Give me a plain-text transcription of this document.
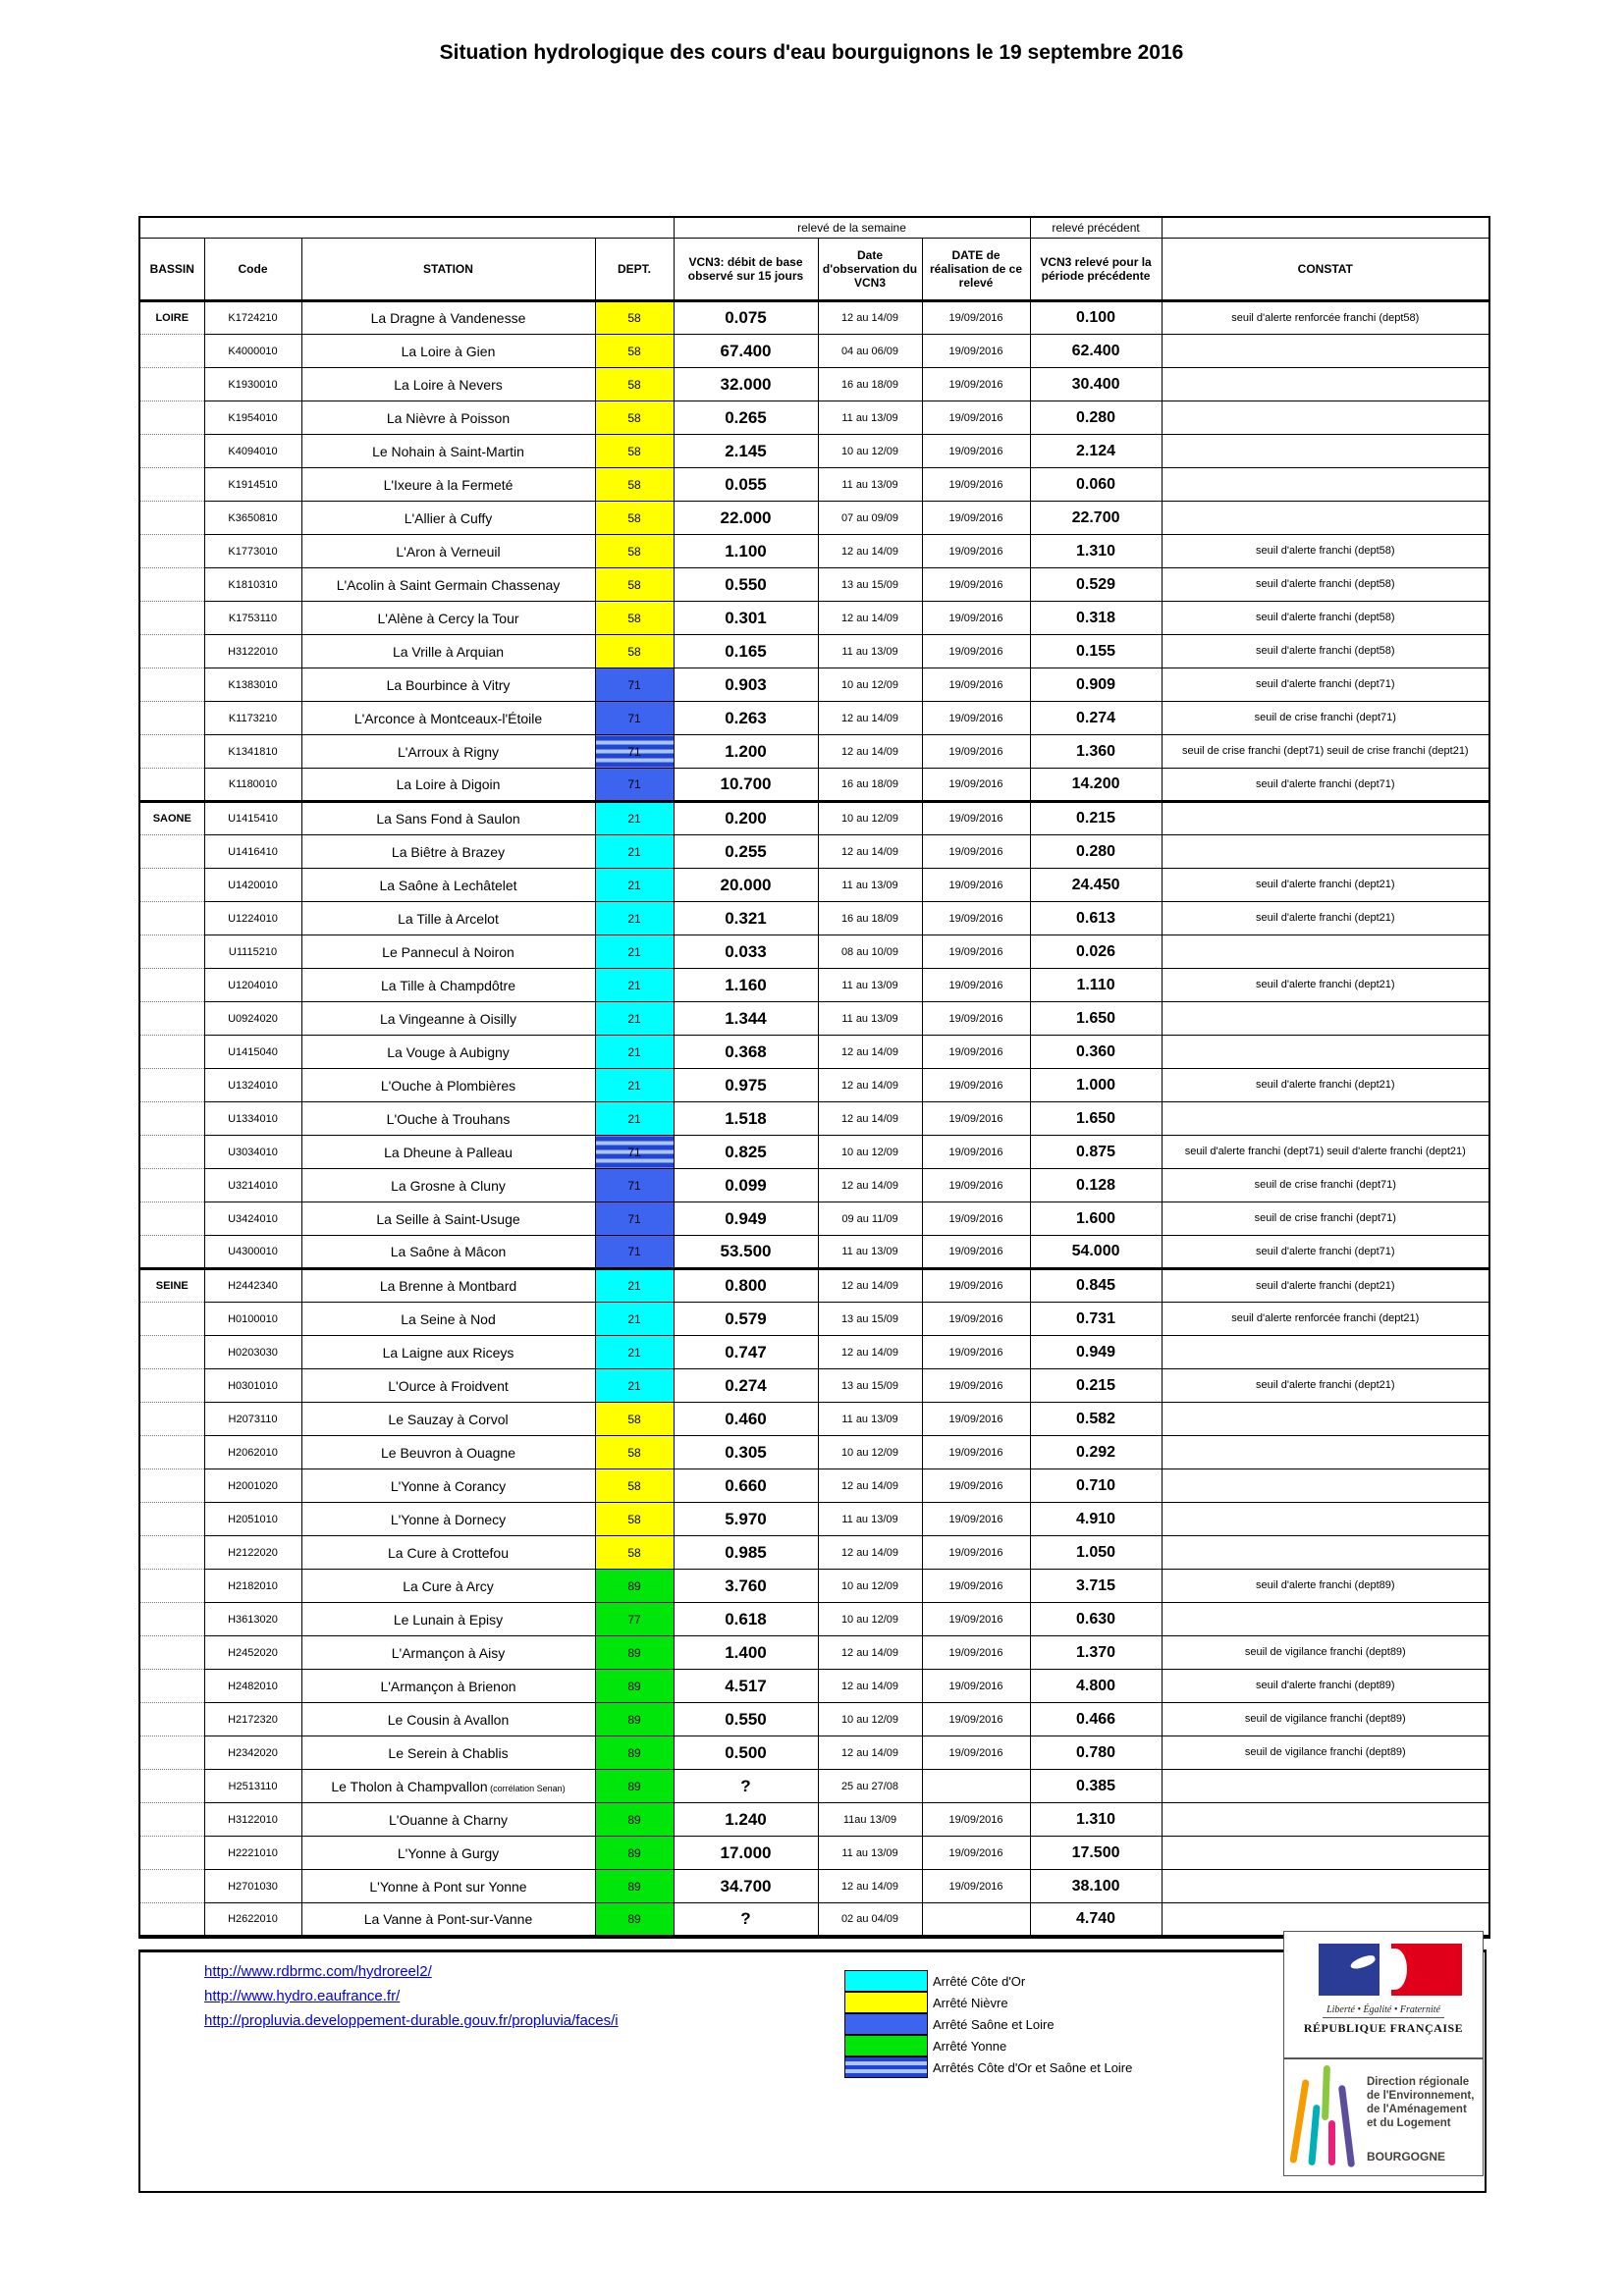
Situation hydrologique des cours d'eau bourguignons le 19 septembre 2016
				relevé de la semaine			relevé précédent	
BASSIN	Code	STATION	DEPT.	VCN3: débit de base observé sur 15 jours	Date d'observation du VCN3	DATE de réalisation de ce relevé	VCN3 relevé pour la période précédente	CONSTAT
LOIRE	K1724210	La Dragne à Vandenesse	58	0.075	12 au 14/09	19/09/2016	0.100	seuil d'alerte renforcée franchi (dept58)
	K4000010	La Loire à Gien	58	67.400	04 au 06/09	19/09/2016	62.400	
	K1930010	La Loire à Nevers	58	32.000	16 au 18/09	19/09/2016	30.400	
	K1954010	La Nièvre à Poisson	58	0.265	11 au 13/09	19/09/2016	0.280	
	K4094010	Le Nohain à Saint-Martin	58	2.145	10 au 12/09	19/09/2016	2.124	
	K1914510	L'Ixeure à la Fermeté	58	0.055	11 au 13/09	19/09/2016	0.060	
	K3650810	L'Allier à Cuffy	58	22.000	07 au 09/09	19/09/2016	22.700	
	K1773010	L'Aron à Verneuil	58	1.100	12 au 14/09	19/09/2016	1.310	seuil d'alerte franchi (dept58)
	K1810310	L'Acolin à Saint Germain Chassenay	58	0.550	13 au 15/09	19/09/2016	0.529	seuil d'alerte franchi (dept58)
	K1753110	L'Alène à Cercy la Tour	58	0.301	12 au 14/09	19/09/2016	0.318	seuil d'alerte franchi (dept58)
	H3122010	La Vrille à Arquian	58	0.165	11 au 13/09	19/09/2016	0.155	seuil d'alerte franchi (dept58)
	K1383010	La Bourbince à Vitry	71	0.903	10 au 12/09	19/09/2016	0.909	seuil d'alerte franchi (dept71)
	K1173210	L'Arconce à Montceaux-l'Étoile	71	0.263	12 au 14/09	19/09/2016	0.274	seuil de crise franchi (dept71)
	K1341810	L'Arroux à Rigny	71	1.200	12 au 14/09	19/09/2016	1.360	seuil de crise franchi (dept71) seuil de crise franchi (dept21)
	K1180010	La Loire à Digoin	71	10.700	16 au 18/09	19/09/2016	14.200	seuil d'alerte franchi (dept71)
SAONE	U1415410	La Sans Fond à Saulon	21	0.200	10 au 12/09	19/09/2016	0.215	
	U1416410	La Biêtre à Brazey	21	0.255	12 au 14/09	19/09/2016	0.280	
	U1420010	La Saône à Lechâtelet	21	20.000	11 au 13/09	19/09/2016	24.450	seuil d'alerte franchi (dept21)
	U1224010	La Tille à Arcelot	21	0.321	16 au 18/09	19/09/2016	0.613	seuil d'alerte franchi (dept21)
	U1115210	Le Pannecul à Noiron	21	0.033	08 au 10/09	19/09/2016	0.026	
	U1204010	La Tille à Champdôtre	21	1.160	11 au 13/09	19/09/2016	1.110	seuil d'alerte franchi (dept21)
	U0924020	La Vingeanne à Oisilly	21	1.344	11 au 13/09	19/09/2016	1.650	
	U1415040	La Vouge à Aubigny	21	0.368	12 au 14/09	19/09/2016	0.360	
	U1324010	L'Ouche à Plombières	21	0.975	12 au 14/09	19/09/2016	1.000	seuil d'alerte franchi (dept21)
	U1334010	L'Ouche à Trouhans	21	1.518	12 au 14/09	19/09/2016	1.650	
	U3034010	La Dheune à Palleau	71	0.825	10 au 12/09	19/09/2016	0.875	seuil d'alerte franchi (dept71) seuil d'alerte franchi (dept21)
	U3214010	La Grosne à Cluny	71	0.099	12 au 14/09	19/09/2016	0.128	seuil de crise franchi (dept71)
	U3424010	La Seille à Saint-Usuge	71	0.949	09 au 11/09	19/09/2016	1.600	seuil de crise franchi (dept71)
	U4300010	La Saône à Mâcon	71	53.500	11 au 13/09	19/09/2016	54.000	seuil d'alerte franchi (dept71)
SEINE	H2442340	La Brenne à Montbard	21	0.800	12 au 14/09	19/09/2016	0.845	seuil d'alerte franchi (dept21)
	H0100010	La Seine à Nod	21	0.579	13 au 15/09	19/09/2016	0.731	seuil d'alerte renforcée franchi (dept21)
	H0203030	La Laigne aux Riceys	21	0.747	12 au 14/09	19/09/2016	0.949	
	H0301010	L'Ource à Froidvent	21	0.274	13 au 15/09	19/09/2016	0.215	seuil d'alerte franchi (dept21)
	H2073110	Le Sauzay à Corvol	58	0.460	11 au 13/09	19/09/2016	0.582	
	H2062010	Le Beuvron à Ouagne	58	0.305	10 au 12/09	19/09/2016	0.292	
	H2001020	L'Yonne à Corancy	58	0.660	12 au 14/09	19/09/2016	0.710	
	H2051010	L'Yonne à Dornecy	58	5.970	11 au 13/09	19/09/2016	4.910	
	H2122020	La Cure à Crottefou	58	0.985	12 au 14/09	19/09/2016	1.050	
	H2182010	La Cure à Arcy	89	3.760	10 au 12/09	19/09/2016	3.715	seuil d'alerte franchi (dept89)
	H3613020	Le Lunain à Episy	77	0.618	10 au 12/09	19/09/2016	0.630	
	H2452020	L'Armançon à Aisy	89	1.400	12 au 14/09	19/09/2016	1.370	seuil de vigilance franchi (dept89)
	H2482010	L'Armançon à Brienon	89	4.517	12 au 14/09	19/09/2016	4.800	seuil d'alerte franchi (dept89)
	H2172320	Le Cousin à Avallon	89	0.550	10 au 12/09	19/09/2016	0.466	seuil de vigilance franchi (dept89)
	H2342020	Le Serein à Chablis	89	0.500	12 au 14/09	19/09/2016	0.780	seuil de vigilance franchi (dept89)
	H2513110	Le Tholon à Champvallon (corrélation Senan)	89	?	25 au 27/08		0.385	
	H3122010	L'Ouanne à Charny	89	1.240	11au 13/09	19/09/2016	1.310	
	H2221010	L'Yonne à Gurgy	89	17.000	11 au 13/09	19/09/2016	17.500	
	H2701030	L'Yonne à Pont sur Yonne	89	34.700	12 au 14/09	19/09/2016	38.100	
	H2622010	La Vanne à Pont-sur-Vanne	89	?	02 au 04/09		4.740	
http://www.rdbrmc.com/hydroreel2/
http://www.hydro.eaufrance.fr/
http://propluvia.developpement-durable.gouv.fr/propluvia/faces/i
Arrêté Côte d'Or
Arrêté Nièvre
Arrêté Saône et Loire
Arrêté Yonne
Arrêtés Côte d'Or et Saône et Loire
Liberté • Égalité • Fraternité
RÉPUBLIQUE FRANÇAISE
Direction régionale
de l'Environnement,
de l'Aménagement
et du Logement
BOURGOGNE
